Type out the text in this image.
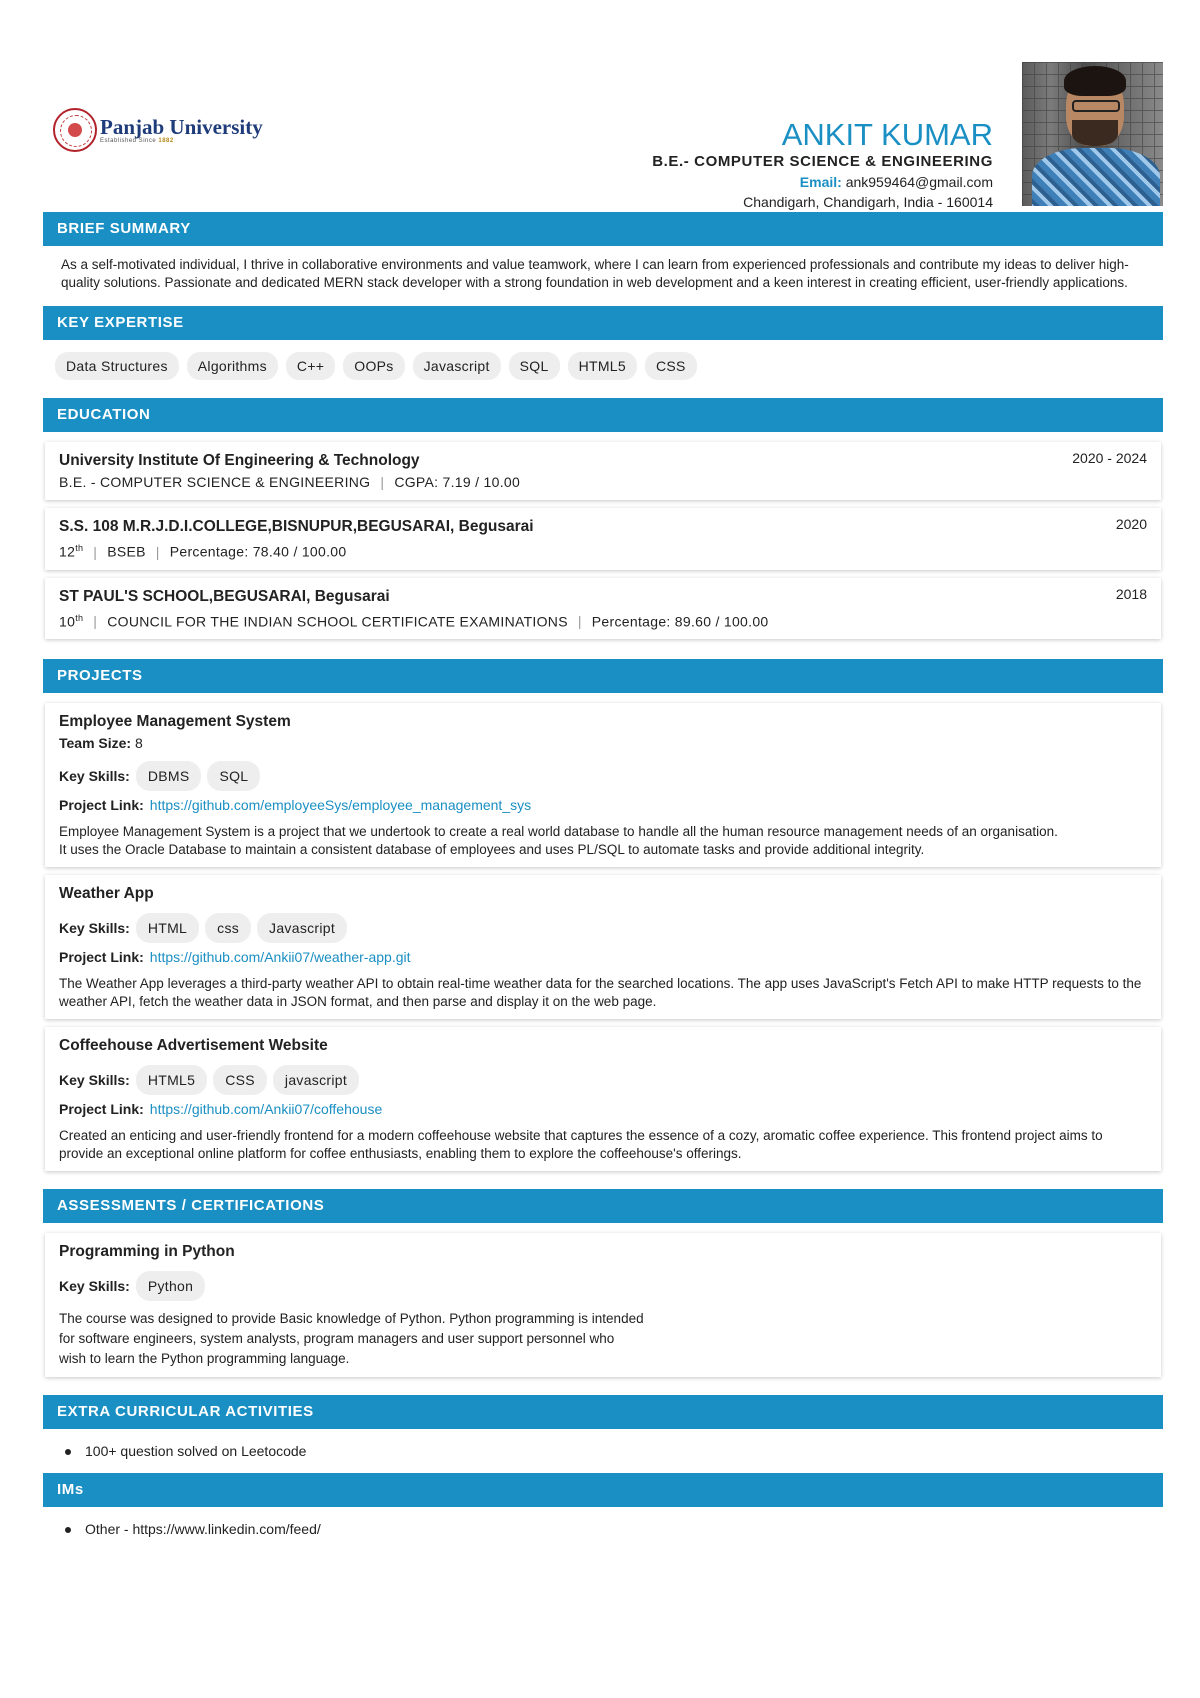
Panjab University
Established Since 1882	ANKIT KUMAR
B.E.- COMPUTER SCIENCE & ENGINEERING
Email: ank959464@gmail.com
Chandigarh, Chandigarh, India - 160014
BRIEF SUMMARY
As a self-motivated individual, I thrive in collaborative environments and value teamwork, where I can learn from experienced professionals and contribute my ideas to deliver high-quality solutions. Passionate and dedicated MERN stack developer with a strong foundation in web development and a keen interest in creating efficient, user-friendly applications.
KEY EXPERTISE
Data Structures	Algorithms	C++	OOPs	Javascript	SQL	HTML5	CSS
EDUCATION
University Institute Of Engineering & Technology	2020 - 2024
B.E. - COMPUTER SCIENCE & ENGINEERING | CGPA: 7.19 / 10.00
S.S. 108 M.R.J.D.I.COLLEGE,BISNUPUR,BEGUSARAI, Begusarai	2020
12th | BSEB | Percentage: 78.40 / 100.00
ST PAUL'S SCHOOL,BEGUSARAI, Begusarai	2018
10th | COUNCIL FOR THE INDIAN SCHOOL CERTIFICATE EXAMINATIONS | Percentage: 89.60 / 100.00
PROJECTS
Employee Management System
Team Size: 8
Key Skills:	DBMS	SQL
Project Link: https://github.com/employeeSys/employee_management_sys
Employee Management System is a project that we undertook to create a real world database to handle all the human resource management needs of an organisation.
It uses the Oracle Database to maintain a consistent database of employees and uses PL/SQL to automate tasks and provide additional integrity.
Weather App
Key Skills:	HTML	css	Javascript
Project Link: https://github.com/Ankii07/weather-app.git
The Weather App leverages a third-party weather API to obtain real-time weather data for the searched locations. The app uses JavaScript's Fetch API to make HTTP requests to the weather API, fetch the weather data in JSON format, and then parse and display it on the web page.
Coffeehouse Advertisement Website
Key Skills:	HTML5	CSS	javascript
Project Link: https://github.com/Ankii07/coffehouse
Created an enticing and user-friendly frontend for a modern coffeehouse website that captures the essence of a cozy, aromatic coffee experience. This frontend project aims to provide an exceptional online platform for coffee enthusiasts, enabling them to explore the coffeehouse's offerings.
ASSESSMENTS / CERTIFICATIONS
Programming in Python
Key Skills:	Python
The course was designed to provide Basic knowledge of Python. Python programming is intended
for software engineers, system analysts, program managers and user support personnel who
wish to learn the Python programming language.
EXTRA CURRICULAR ACTIVITIES
100+ question solved on Leetocode
IMs
Other - https://www.linkedin.com/feed/
